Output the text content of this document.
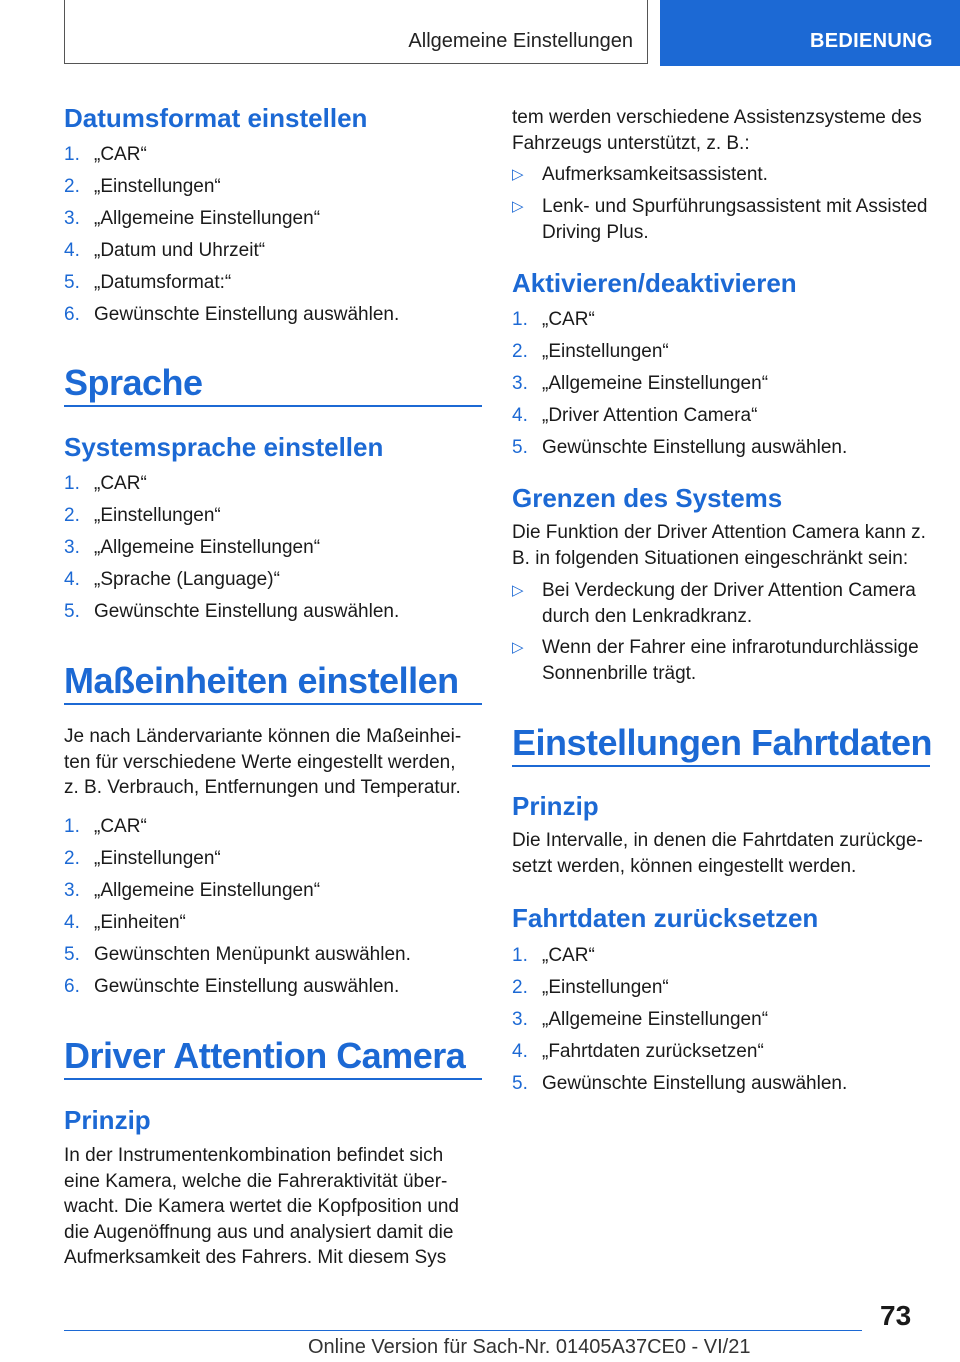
Allgemeine Einstellungen	BEDIENUNG
Datumsformat einstellen
1. „CAR“
2. „Einstellungen“
3. „Allgemeine Einstellungen“
4. „Datum und Uhrzeit“
5. „Datumsformat:“
6. Gewünschte Einstellung auswählen.
Sprache
Systemsprache einstellen
1. „CAR“
2. „Einstellungen“
3. „Allgemeine Einstellungen“
4. „Sprache (Language)“
5. Gewünschte Einstellung auswählen.
Maßeinheiten einstellen
Je nach Ländervariante können die Maßeinheiten für verschiedene Werte eingestellt werden, z. B. Verbrauch, Entfernungen und Temperatur.
1. „CAR“
2. „Einstellungen“
3. „Allgemeine Einstellungen“
4. „Einheiten“
5. Gewünschten Menüpunkt auswählen.
6. Gewünschte Einstellung auswählen.
Driver Attention Camera
Prinzip
In der Instrumentenkombination befindet sich eine Kamera, welche die Fahreraktivität überwacht. Die Kamera wertet die Kopfposition und die Augenöffnung aus und analysiert damit die Aufmerksamkeit des Fahrers. Mit diesem Sys
tem werden verschiedene Assistenzsysteme des Fahrzeugs unterstützt, z. B.:
▷ Aufmerksamkeitsassistent.
▷ Lenk- und Spurführungsassistent mit Assisted Driving Plus.
Aktivieren/deaktivieren
1. „CAR“
2. „Einstellungen“
3. „Allgemeine Einstellungen“
4. „Driver Attention Camera“
5. Gewünschte Einstellung auswählen.
Grenzen des Systems
Die Funktion der Driver Attention Camera kann z. B. in folgenden Situationen eingeschränkt sein:
▷ Bei Verdeckung der Driver Attention Camera durch den Lenkradkranz.
▷ Wenn der Fahrer eine infrarotundurchlässige Sonnenbrille trägt.
Einstellungen Fahrtdaten
Prinzip
Die Intervalle, in denen die Fahrtdaten zurückgesetzt werden, können eingestellt werden.
Fahrtdaten zurücksetzen
1. „CAR“
2. „Einstellungen“
3. „Allgemeine Einstellungen“
4. „Fahrtdaten zurücksetzen“
5. Gewünschte Einstellung auswählen.
73
Online Version für Sach-Nr. 01405A37CE0 - VI/21
